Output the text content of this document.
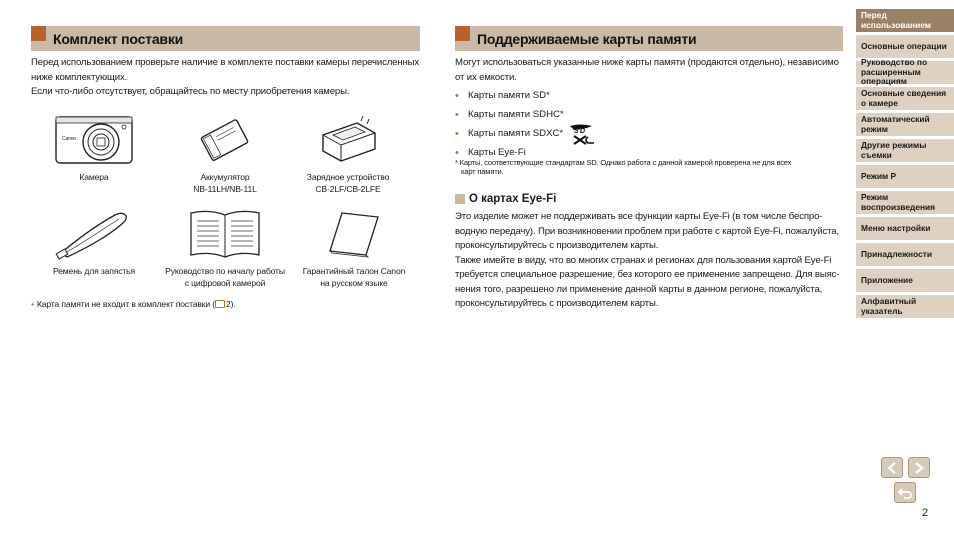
Комплект поставки
Перед использованием проверьте наличие в комплекте поставки камеры перечисленных
ниже комплектующих.
Если что-либо отсутствует, обращайтесь по месту приобретения камеры.
Canon
Камера	Аккумулятор
NB-11LH/NB-11L
Зарядное устройство
CB-2LF/CB-2LFE
Ремень для запястья	Руководство по началу работы
с цифровой камерой
Гарантийный талон Canon
на русском языке
• Карта памяти не входит в комплект поставки ( 2).
Поддерживаемые карты памяти
Могут использоваться указанные ниже карты памяти (продаются отдельно), независимо
от их емкости.
• Карты памяти SD*
• Карты памяти SDHC*
• Карты памяти SDXC* S D
• Карты Eye-Fi
* Карты, соответствующие стандартам SD. Однако работа с данной камерой проверена не для всех
карт памяти.
О картах Eye-Fi
Это изделие может не поддерживать все функции карты Eye-Fi (в том числе беспро-
водную передачу). При возникновении проблем при работе с картой Eye-Fi, пожалуйста,
проконсультируйтесь с производителем карты.
Также имейте в виду, что во многих странах и регионах для пользования картой Eye-Fi
требуется специальное разрешение, без которого ее применение запрещено. Для выяс-
нения того, разрешено ли применение данной карты в данном регионе, пожалуйста,
проконсультируйтесь с производителем карты.
Перед использованием
Основные операции
Руководство по
расширенным операциям
Основные сведения
о камере
Автоматический
режим
Другие режимы
съемки
Режим P
Режим
воспроизведения
Меню настройки
Принадлежности
Приложение
Алфавитный указатель
2
